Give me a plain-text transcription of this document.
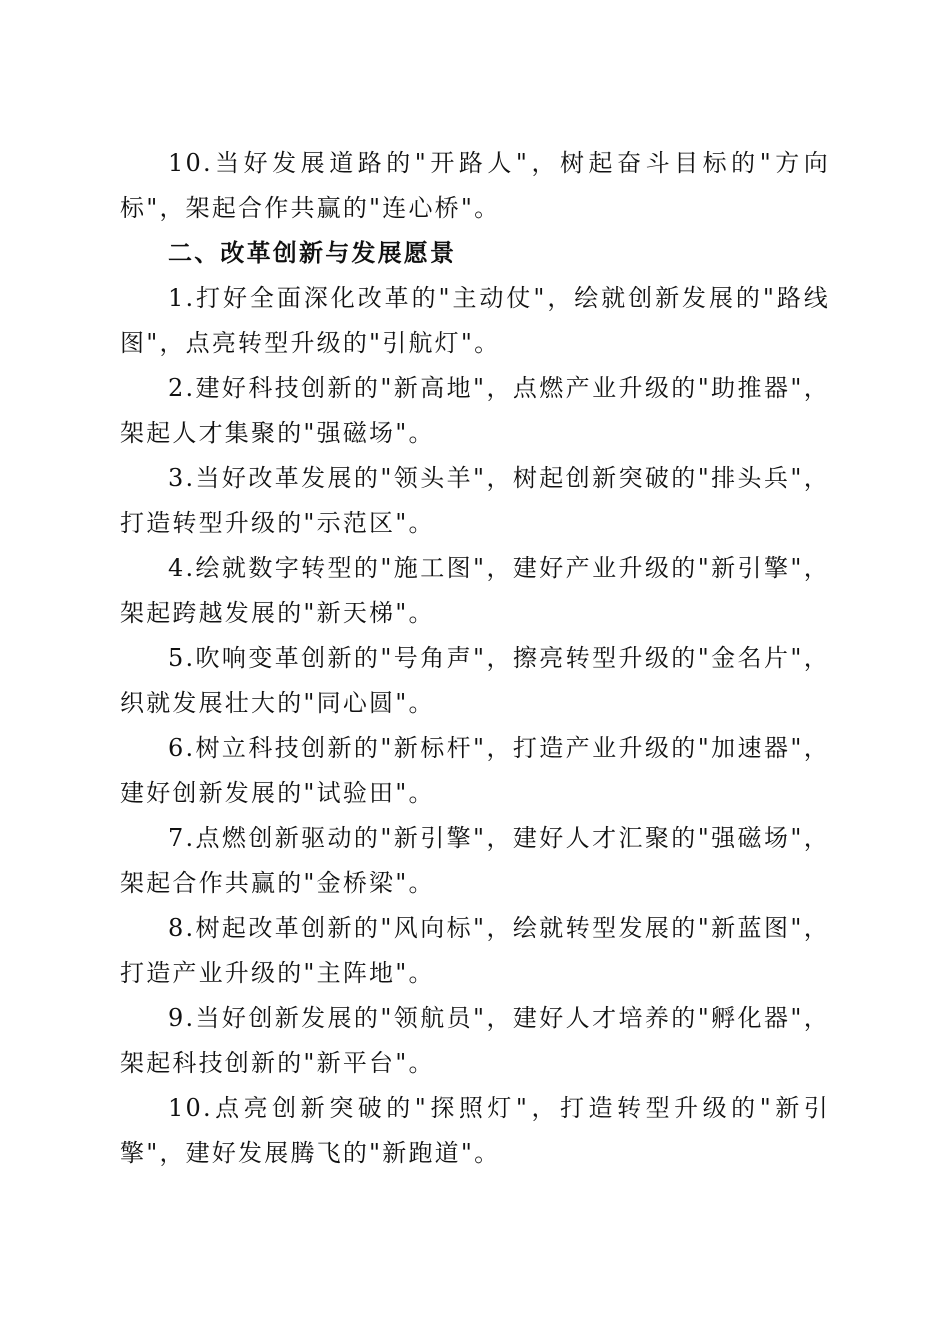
10.当好发展道路的"开路人"，树起奋斗目标的"方向标"，架起合作共赢的"连心桥"。

二、改革创新与发展愿景

1.打好全面深化改革的"主动仗"，绘就创新发展的"路线图"，点亮转型升级的"引航灯"。

2.建好科技创新的"新高地"，点燃产业升级的"助推器"，架起人才集聚的"强磁场"。

3.当好改革发展的"领头羊"，树起创新突破的"排头兵"，打造转型升级的"示范区"。

4.绘就数字转型的"施工图"，建好产业升级的"新引擎"，架起跨越发展的"新天梯"。

5.吹响变革创新的"号角声"，擦亮转型升级的"金名片"，织就发展壮大的"同心圆"。

6.树立科技创新的"新标杆"，打造产业升级的"加速器"，建好创新发展的"试验田"。

7.点燃创新驱动的"新引擎"，建好人才汇聚的"强磁场"，架起合作共赢的"金桥梁"。

8.树起改革创新的"风向标"，绘就转型发展的"新蓝图"，打造产业升级的"主阵地"。

9.当好创新发展的"领航员"，建好人才培养的"孵化器"，架起科技创新的"新平台"。

10.点亮创新突破的"探照灯"，打造转型升级的"新引擎"，建好发展腾飞的"新跑道"。
